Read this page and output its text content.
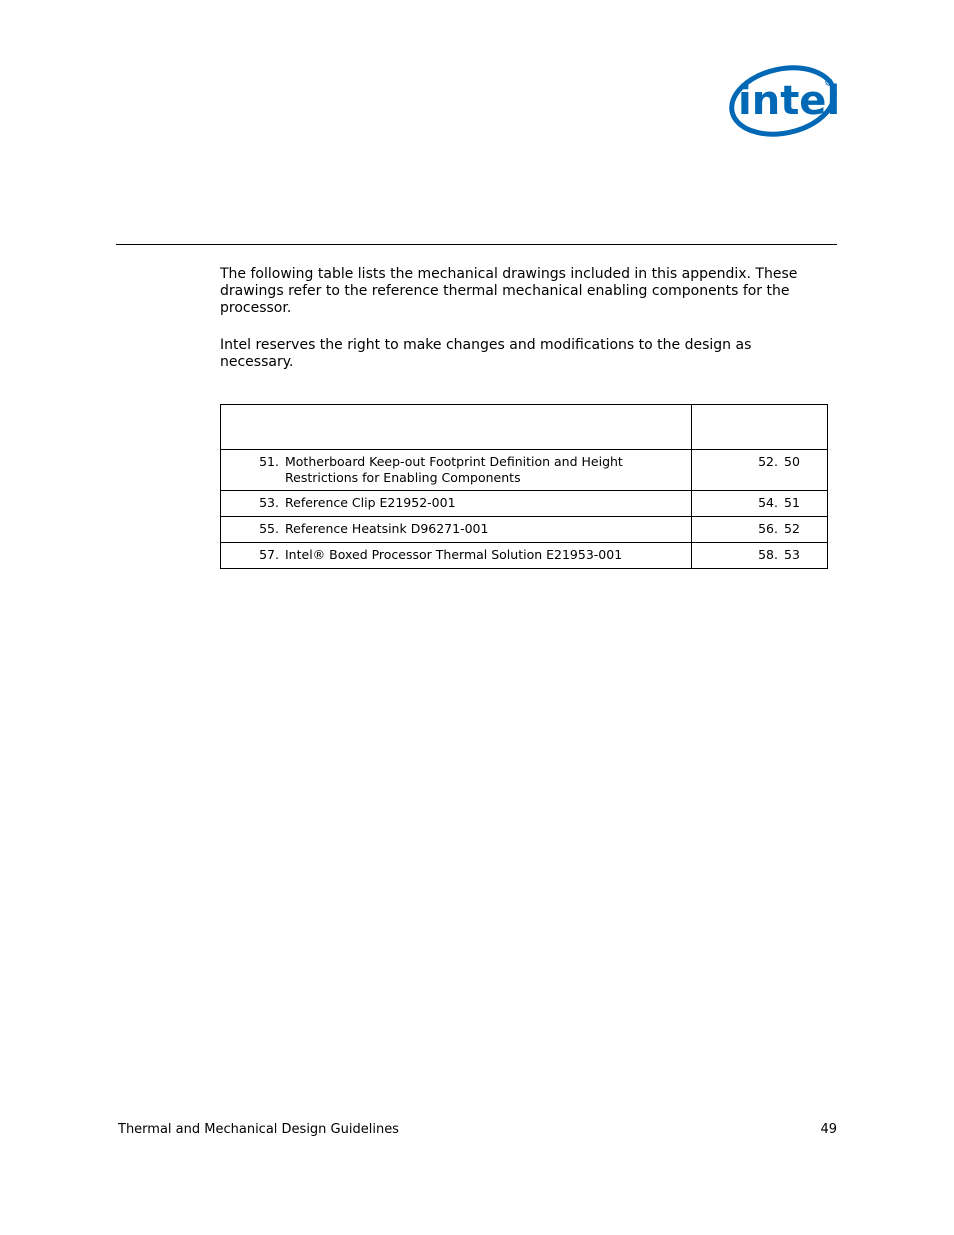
intel

The following table lists the mechanical drawings included in this appendix. These drawings refer to the reference thermal mechanical enabling components for the processor.

Intel reserves the right to make changes and modifications to the design as necessary.

51. Motherboard Keep-out Footprint Definition and Height Restrictions for Enabling Components	52. 50

53. Reference Clip E21952-001	54. 51

55. Reference Heatsink D96271-001	56. 52

57. Intel® Boxed Processor Thermal Solution E21953-001	58. 53
Thermal and Mechanical Design Guidelines	49
